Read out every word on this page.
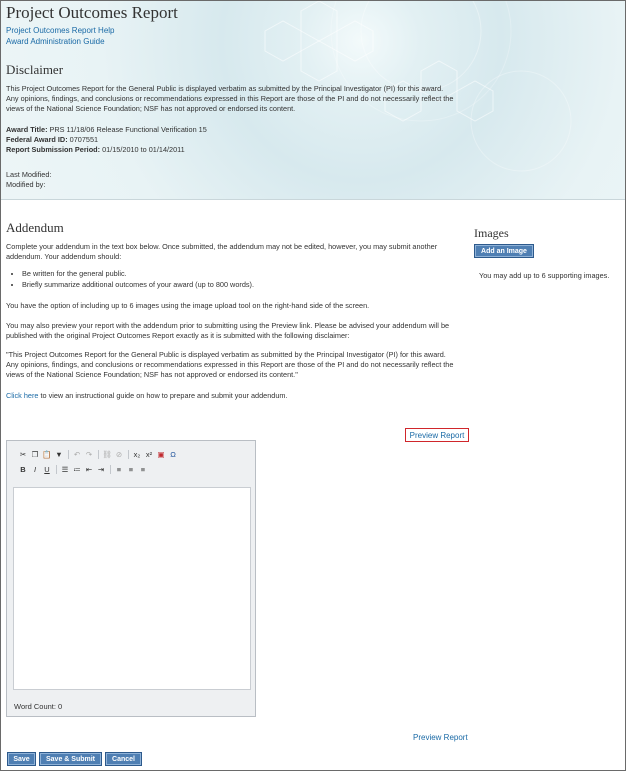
Project Outcomes Report
Project Outcomes Report Help
Award Administration Guide
Disclaimer
This Project Outcomes Report for the General Public is displayed verbatim as submitted by the Principal Investigator (PI) for this award.
Any opinions, findings, and conclusions or recommendations expressed in this Report are those of the PI and do not necessarily reflect the
views of the National Science Foundation; NSF has not approved or endorsed its content.
Award Title: PRS 11/18/06 Release Functional Verification 15
Federal Award ID: 0707551
Report Submission Period: 01/15/2010 to 01/14/2011
Last Modified:
Modified by:
Addendum
Complete your addendum in the text box below. Once submitted, the addendum may not be edited, however, you may submit another
addendum. Your addendum should:
• Be written for the general public.
• Briefly summarize additional outcomes of your award (up to 800 words).
You have the option of including up to 6 images using the image upload tool on the right-hand side of the screen.
You may also preview your report with the addendum prior to submitting using the Preview link. Please be advised your addendum will be
published with the original Project Outcomes Report exactly as it is submitted with the following disclaimer:
"This Project Outcomes Report for the General Public is displayed verbatim as submitted by the Principal Investigator (PI) for this award.
Any opinions, findings, and conclusions or recommendations expressed in this Report are those of the PI and do not necessarily reflect the
views of the National Science Foundation; NSF has not approved or endorsed its content."
Click here to view an instructional guide on how to prepare and submit your addendum.
Images
Add an Image
You may add up to 6 supporting images.
Preview Report
✂ ❐ 📋 ▼ ↶ ↷ ⛓ ⊘ x₂ x² ▣ Ω
B	I	U	☰ ≔ ⇤ ⇥	≡	≡	≡
Word Count: 0
Preview Report
Save	Save & Submit	Cancel
